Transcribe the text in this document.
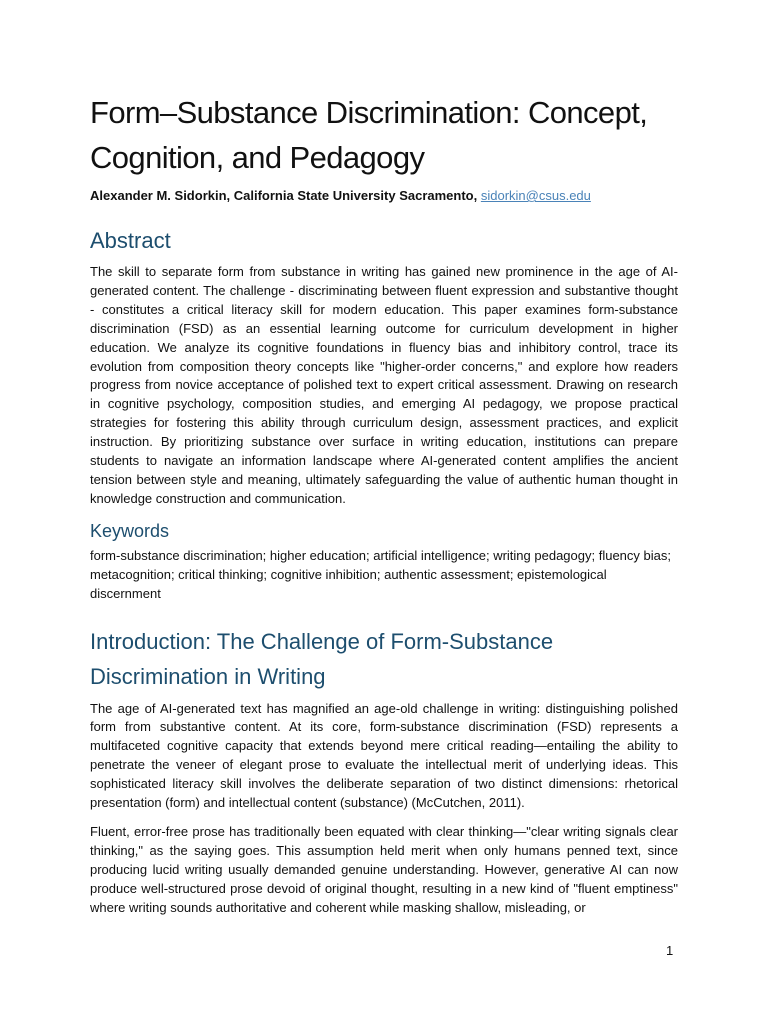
Form–Substance Discrimination: Concept, Cognition, and Pedagogy
Alexander M. Sidorkin, California State University Sacramento, sidorkin@csus.edu
Abstract

The skill to separate form from substance in writing has gained new prominence in the age of AI-generated content. The challenge - discriminating between fluent expression and substantive thought - constitutes a critical literacy skill for modern education. This paper examines form-substance discrimination (FSD) as an essential learning outcome for curriculum development in higher education. We analyze its cognitive foundations in fluency bias and inhibitory control, trace its evolution from composition theory concepts like "higher-order concerns," and explore how readers progress from novice acceptance of polished text to expert critical assessment. Drawing on research in cognitive psychology, composition studies, and emerging AI pedagogy, we propose practical strategies for fostering this ability through curriculum design, assessment practices, and explicit instruction. By prioritizing substance over surface in writing education, institutions can prepare students to navigate an information landscape where AI-generated content amplifies the ancient tension between style and meaning, ultimately safeguarding the value of authentic human thought in knowledge construction and communication.

Keywords

form-substance discrimination; higher education; artificial intelligence; writing pedagogy; fluency bias; metacognition; critical thinking; cognitive inhibition; authentic assessment; epistemological discernment

Introduction: The Challenge of Form-Substance Discrimination in Writing

The age of AI-generated text has magnified an age-old challenge in writing: distinguishing polished form from substantive content. At its core, form-substance discrimination (FSD) represents a multifaceted cognitive capacity that extends beyond mere critical reading—entailing the ability to penetrate the veneer of elegant prose to evaluate the intellectual merit of underlying ideas. This sophisticated literacy skill involves the deliberate separation of two distinct dimensions: rhetorical presentation (form) and intellectual content (substance) (McCutchen, 2011).

Fluent, error-free prose has traditionally been equated with clear thinking—"clear writing signals clear thinking," as the saying goes. This assumption held merit when only humans penned text, since producing lucid writing usually demanded genuine understanding. However, generative AI can now produce well-structured prose devoid of original thought, resulting in a new kind of "fluent emptiness" where writing sounds authoritative and coherent while masking shallow, misleading, or

1
